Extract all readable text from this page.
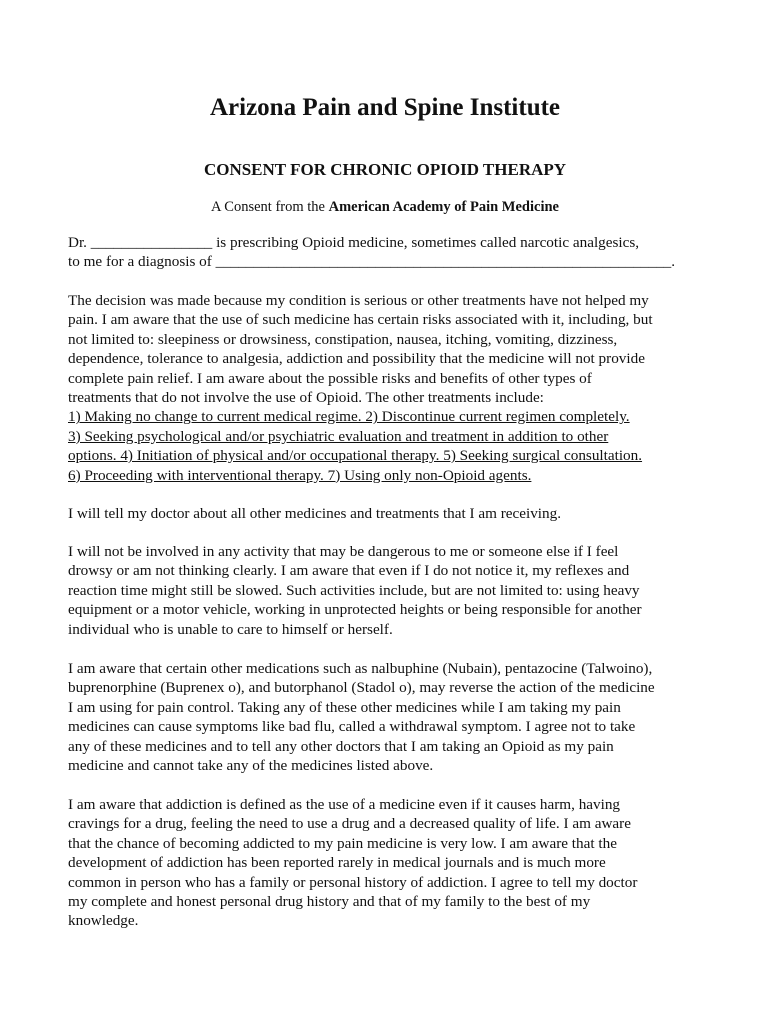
Arizona Pain and Spine Institute
CONSENT FOR CHRONIC OPIOID THERAPY
A Consent from the American Academy of Pain Medicine
Dr. ________________ is prescribing Opioid medicine, sometimes called narcotic analgesics,
to me for a diagnosis of ____________________________________________________________.
The decision was made because my condition is serious or other treatments have not helped my
pain. I am aware that the use of such medicine has certain risks associated with it, including, but
not limited to: sleepiness or drowsiness, constipation, nausea, itching, vomiting, dizziness,
dependence, tolerance to analgesia, addiction and possibility that the medicine will not provide
complete pain relief. I am aware about the possible risks and benefits of other types of
treatments that do not involve the use of Opioid. The other treatments include:
1) Making no change to current medical regime. 2) Discontinue current regimen completely.
3) Seeking psychological and/or psychiatric evaluation and treatment in addition to other
options. 4) Initiation of physical and/or occupational therapy. 5) Seeking surgical consultation.
6) Proceeding with interventional therapy. 7) Using only non-Opioid agents.
I will tell my doctor about all other medicines and treatments that I am receiving.
I will not be involved in any activity that may be dangerous to me or someone else if I feel
drowsy or am not thinking clearly. I am aware that even if I do not notice it, my reflexes and
reaction time might still be slowed. Such activities include, but are not limited to: using heavy
equipment or a motor vehicle, working in unprotected heights or being responsible for another
individual who is unable to care to himself or herself.
I am aware that certain other medications such as nalbuphine (Nubain), pentazocine (Talwoino),
buprenorphine (Buprenex o), and butorphanol (Stadol o), may reverse the action of the medicine
I am using for pain control. Taking any of these other medicines while I am taking my pain
medicines can cause symptoms like bad flu, called a withdrawal symptom. I agree not to take
any of these medicines and to tell any other doctors that I am taking an Opioid as my pain
medicine and cannot take any of the medicines listed above.
I am aware that addiction is defined as the use of a medicine even if it causes harm, having
cravings for a drug, feeling the need to use a drug and a decreased quality of life. I am aware
that the chance of becoming addicted to my pain medicine is very low. I am aware that the
development of addiction has been reported rarely in medical journals and is much more
common in person who has a family or personal history of addiction. I agree to tell my doctor
my complete and honest personal drug history and that of my family to the best of my
knowledge.
